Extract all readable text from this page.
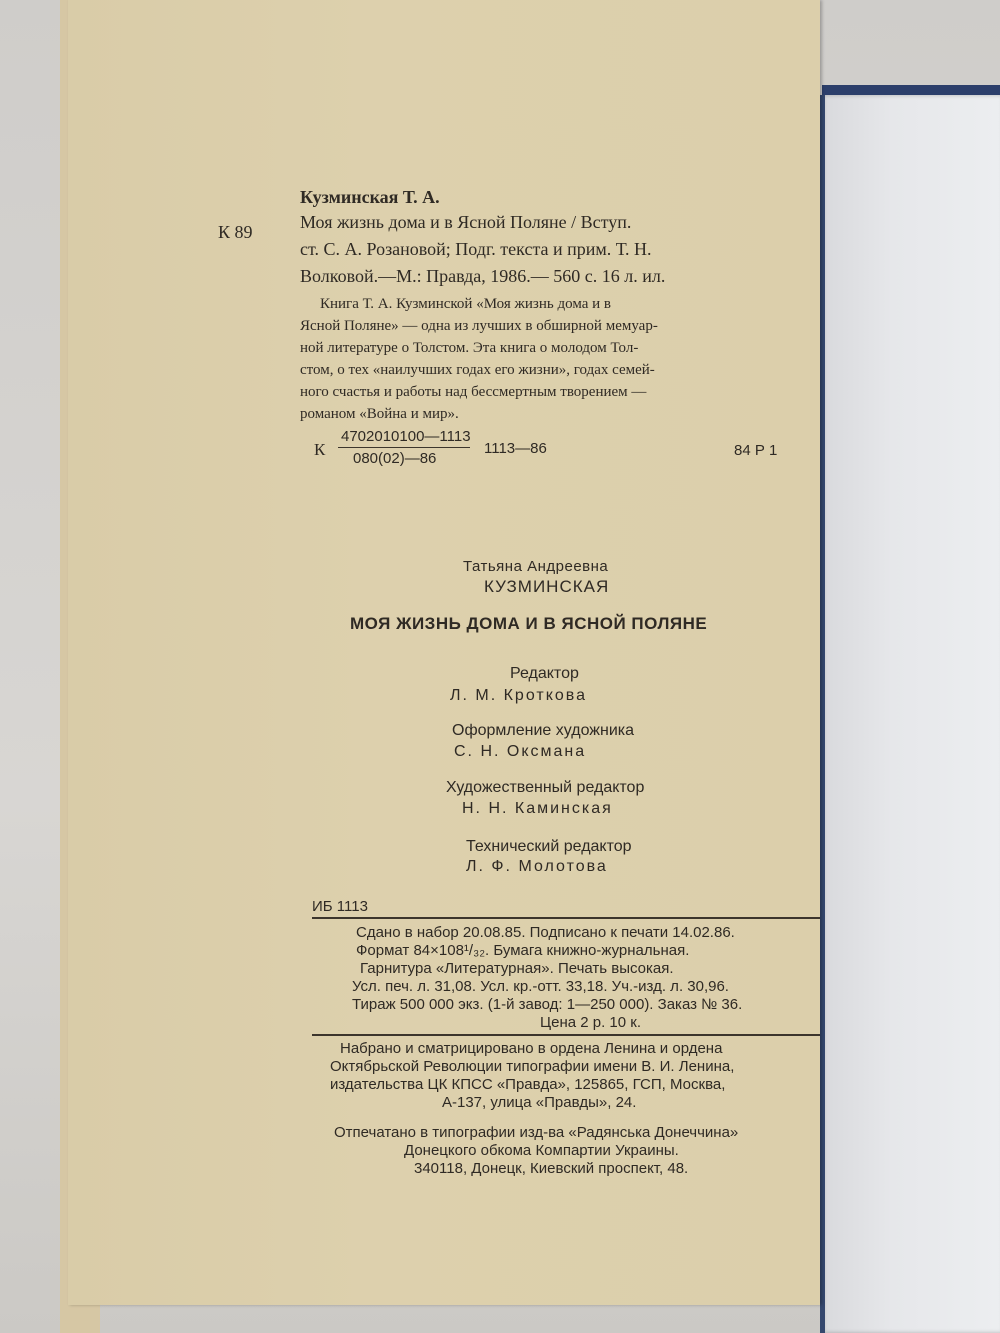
К 89
Кузминская Т. А.
Моя жизнь дома и в Ясной Поляне / Вступ.
ст. С. А. Розановой; Подг. текста и прим. Т. Н.
Волковой.—М.: Правда, 1986.— 560 с. 16 л. ил.
Книга Т. А. Кузминской «Моя жизнь дома и в
Ясной Поляне» — одна из лучших в обширной мемуар-
ной литературе о Толстом. Эта книга о молодом Тол-
стом, о тех «наилучших годах его жизни», годах семей-
ного счастья и работы над бессмертным творением —
романом «Война и мир».
К
4702010100—1113
080(02)—86
1113—86	84 Р 1
Татьяна Андреевна
КУЗМИНСКАЯ
МОЯ ЖИЗНЬ ДОМА И В ЯСНОЙ ПОЛЯНЕ
Редактор
Л. М. Кроткова
Оформление художника
С. Н. Оксмана
Художественный редактор
Н. Н. Каминская
Технический редактор
Л. Ф. Молотова
ИБ 1113
Сдано в набор 20.08.85. Подписано к печати 14.02.86.
Формат 84×108¹/₃₂. Бумага книжно-журнальная.
Гарнитура «Литературная». Печать высокая.
Усл. печ. л. 31,08. Усл. кр.-отт. 33,18. Уч.-изд. л. 30,96.
Тираж 500 000 экз. (1-й завод: 1—250 000). Заказ № 36.
Цена 2 р. 10 к.
Набрано и сматрицировано в ордена Ленина и ордена
Октябрьской Революции типографии имени В. И. Ленина,
издательства ЦК КПСС «Правда», 125865, ГСП, Москва,
А-137, улица «Правды», 24.
Отпечатано в типографии изд-ва «Радянська Донеччина»
Донецкого обкома Компартии Украины.
340118, Донецк, Киевский проспект, 48.
